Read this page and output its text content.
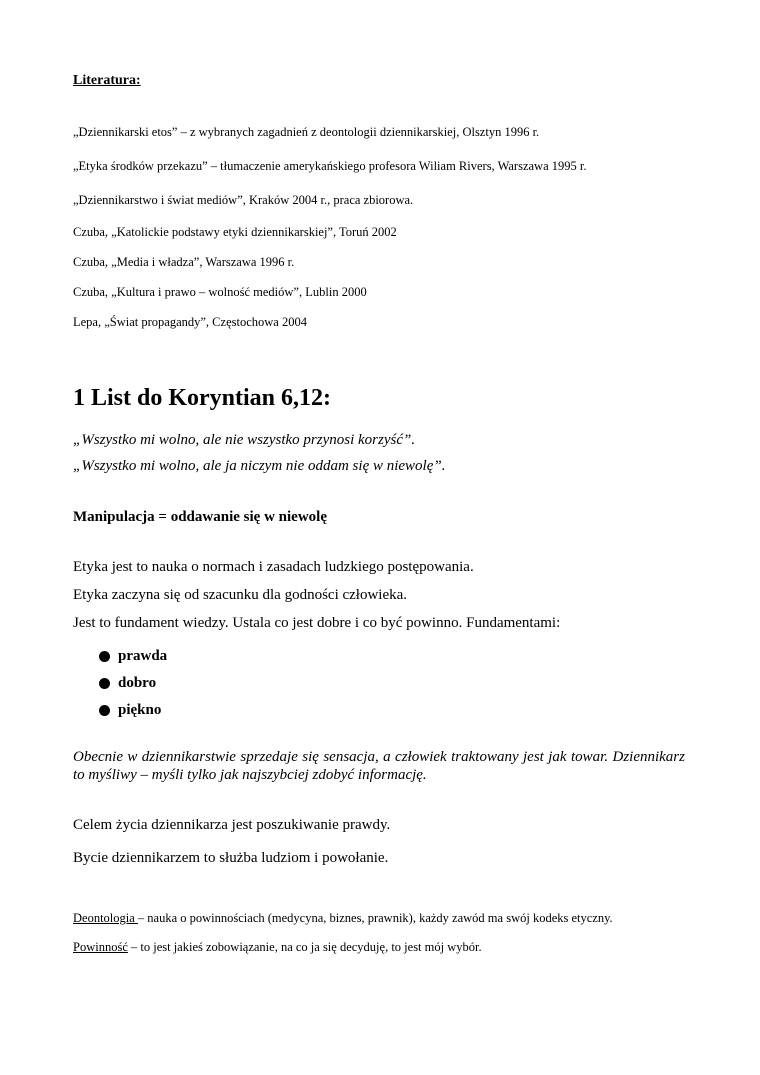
Literatura:

„Dziennikarski etos” – z wybranych zagadnień z deontologii dziennikarskiej, Olsztyn 1996 r.

„Etyka środków przekazu” – tłumaczenie amerykańskiego profesora Wiliam Rivers, Warszawa 1995 r.

„Dziennikarstwo i świat mediów”, Kraków 2004 r., praca zbiorowa.

Czuba, „Katolickie podstawy etyki dziennikarskiej”, Toruń 2002

Czuba, „Media i władza”, Warszawa 1996 r.

Czuba, „Kultura i prawo – wolność mediów”, Lublin 2000

Lepa, „Świat propagandy”, Częstochowa 2004

1 List do Koryntian 6,12:

„Wszystko mi wolno, ale nie wszystko przynosi korzyść”.

„Wszystko mi wolno, ale ja niczym nie oddam się w niewolę”.

Manipulacja = oddawanie się w niewolę

Etyka jest to nauka o normach i zasadach ludzkiego postępowania.

Etyka zaczyna się od szacunku dla godności człowieka.

Jest to fundament wiedzy. Ustala co jest dobre i co być powinno. Fundamentami:

prawda
dobro
piękno

Obecnie w dziennikarstwie sprzedaje się sensacja, a człowiek traktowany jest jak towar. Dziennikarz to myśliwy – myśli tylko jak najszybciej zdobyć informację.

Celem życia dziennikarza jest poszukiwanie prawdy.

Bycie dziennikarzem to służba ludziom i powołanie.

Deontologia – nauka o powinnościach (medycyna, biznes, prawnik), każdy zawód ma swój kodeks etyczny.

Powinność – to jest jakieś zobowiązanie, na co ja się decyduję, to jest mój wybór.
